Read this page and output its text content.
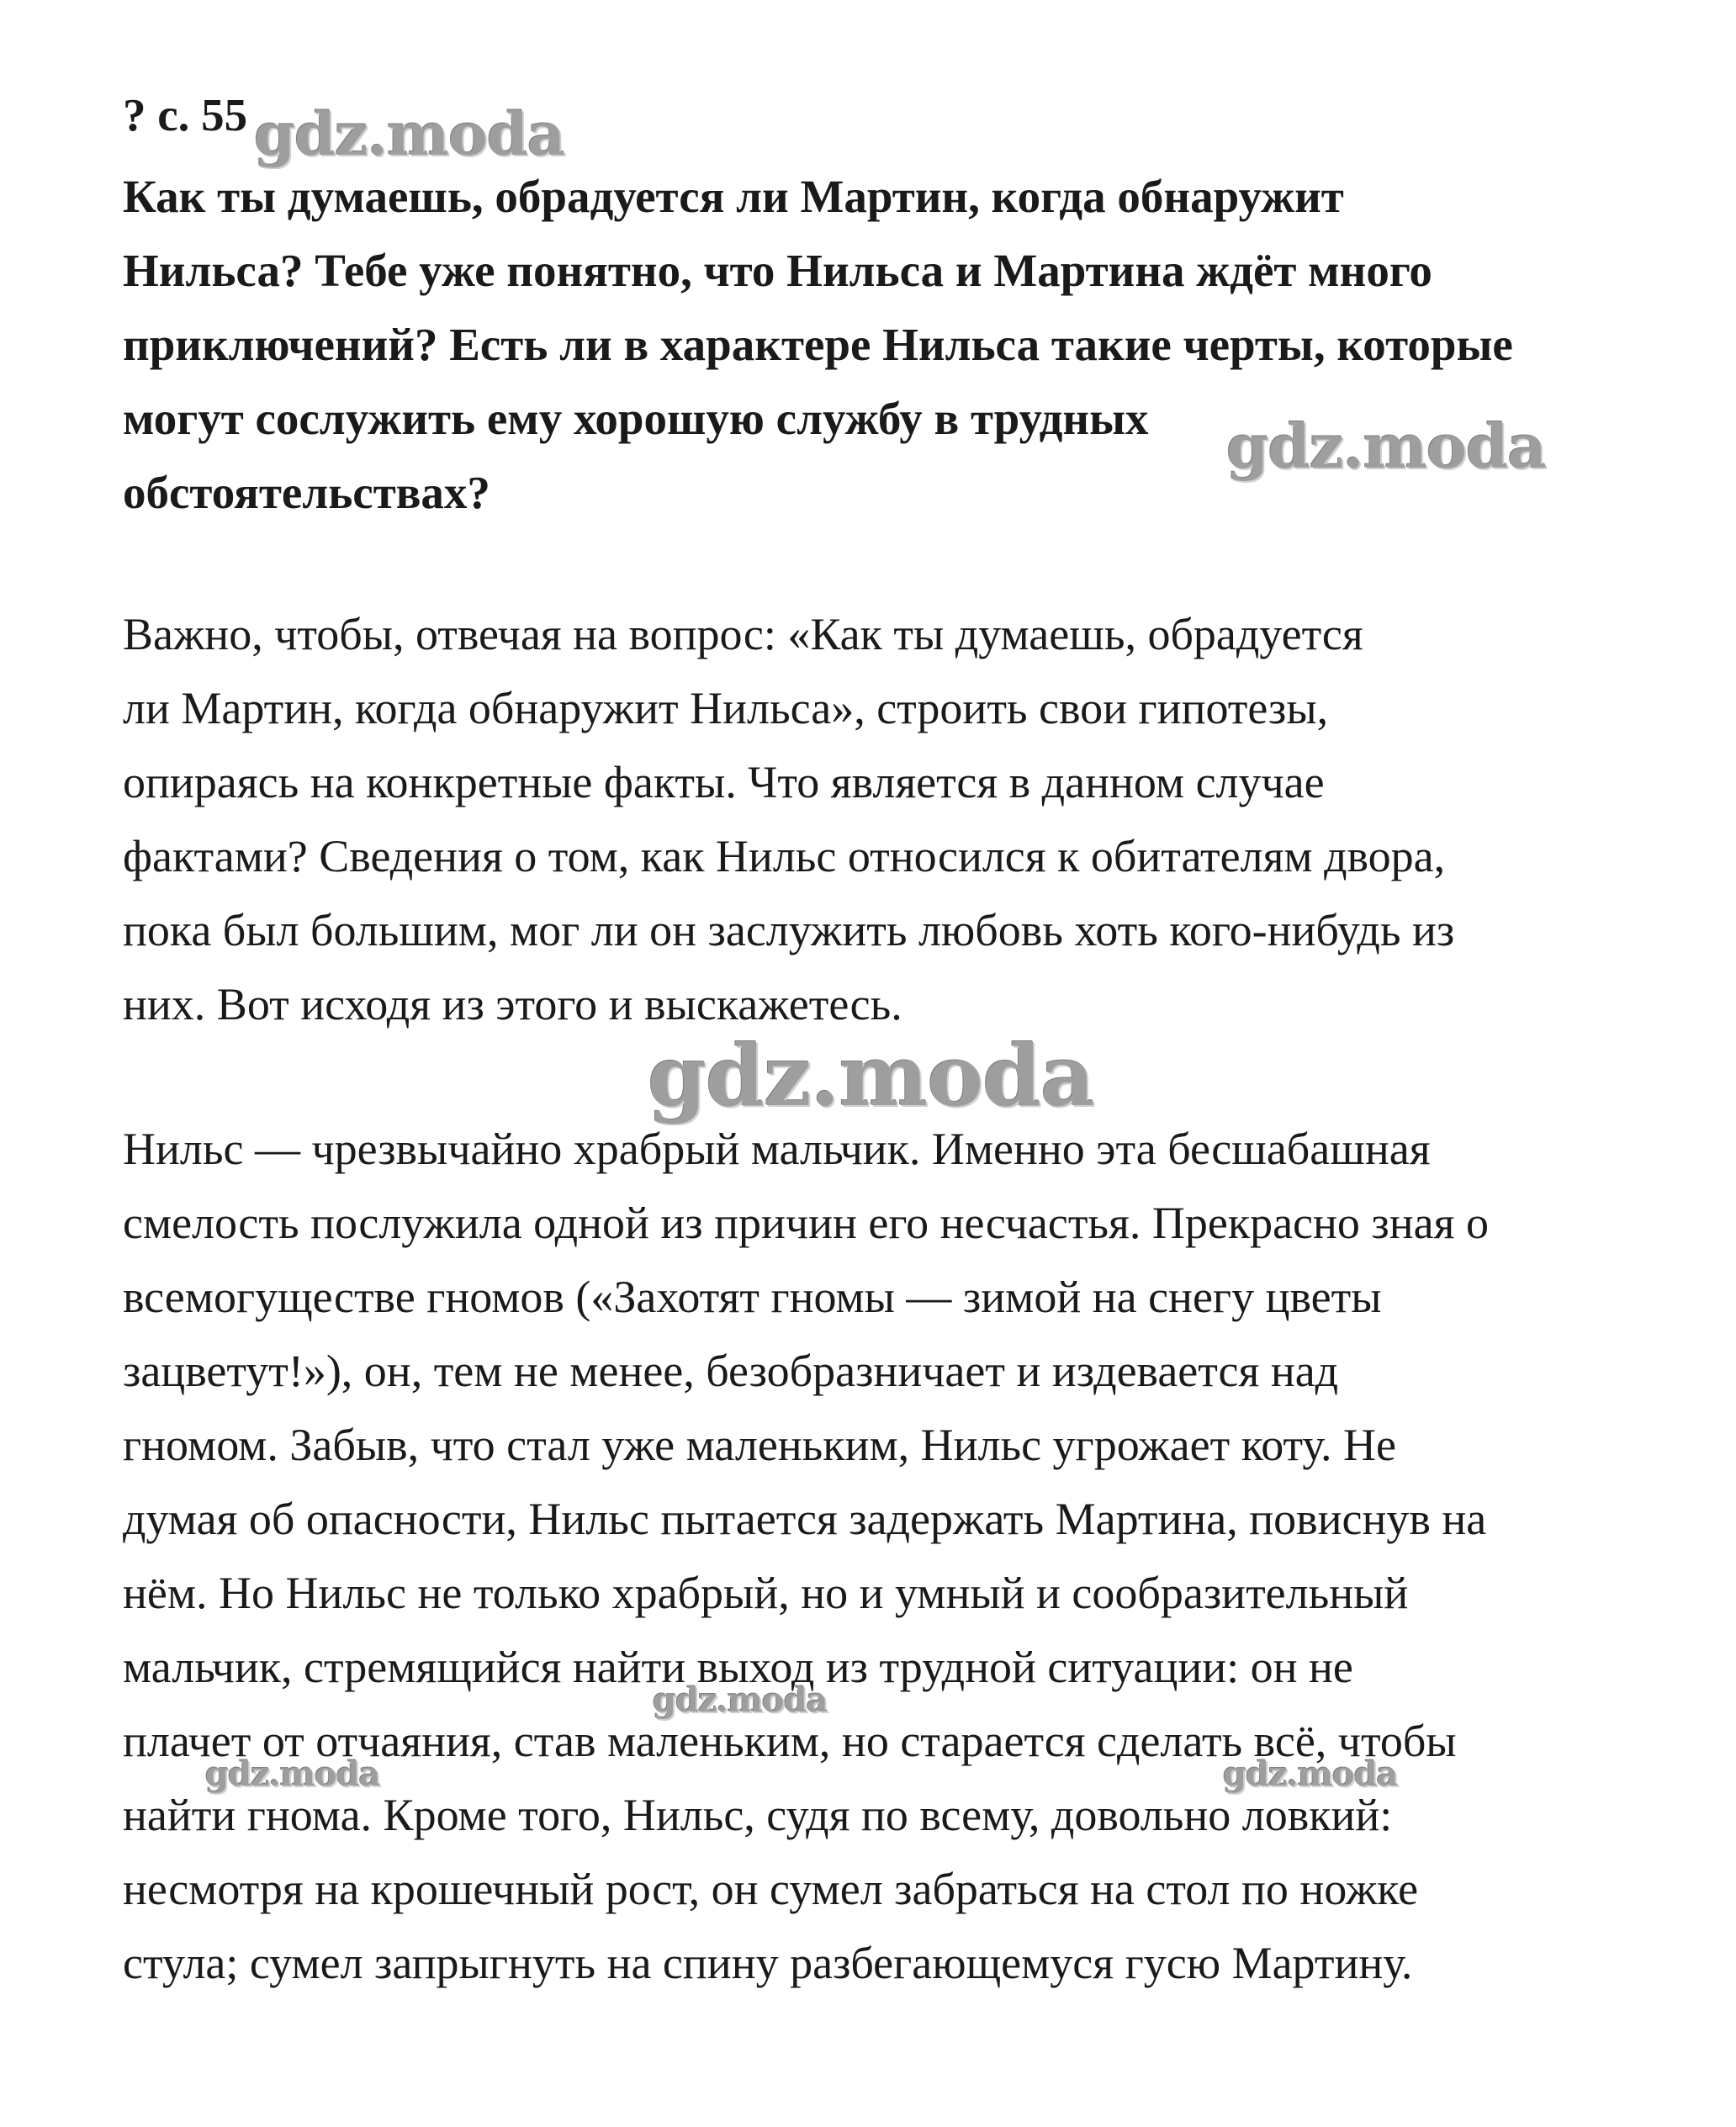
? с. 55
Как ты думаешь, обрадуется ли Мартин, когда обнаружит
Нильса? Тебе уже понятно, что Нильса и Мартина ждёт много
приключений? Есть ли в характере Нильса такие черты, которые
могут сослужить ему хорошую службу в трудных
обстоятельствах?
Важно, чтобы, отвечая на вопрос: «Как ты думаешь, обрадуется
ли Мартин, когда обнаружит Нильса», строить свои гипотезы,
опираясь на конкретные факты. Что является в данном случае
фактами? Сведения о том, как Нильс относился к обитателям двора,
пока был большим, мог ли он заслужить любовь хоть кого-нибудь из
них. Вот исходя из этого и выскажетесь.
Нильс — чрезвычайно храбрый мальчик. Именно эта бесшабашная
смелость послужила одной из причин его несчастья. Прекрасно зная о
всемогуществе гномов («Захотят гномы — зимой на снегу цветы
зацветут!»), он, тем не менее, безобразничает и издевается над
гномом. Забыв, что стал уже маленьким, Нильс угрожает коту. Не
думая об опасности, Нильс пытается задержать Мартина, повиснув на
нём. Но Нильс не только храбрый, но и умный и сообразительный
мальчик, стремящийся найти выход из трудной ситуации: он не
плачет от отчаяния, став маленьким, но старается сделать всё, чтобы
найти гнома. Кроме того, Нильс, судя по всему, довольно ловкий:
несмотря на крошечный рост, он сумел забраться на стол по ножке
стула; сумел запрыгнуть на спину разбегающемуся гусю Мартину.
gdz.moda
gdz.moda
gdz.moda
gdz.moda
gdz.moda	gdz.moda
